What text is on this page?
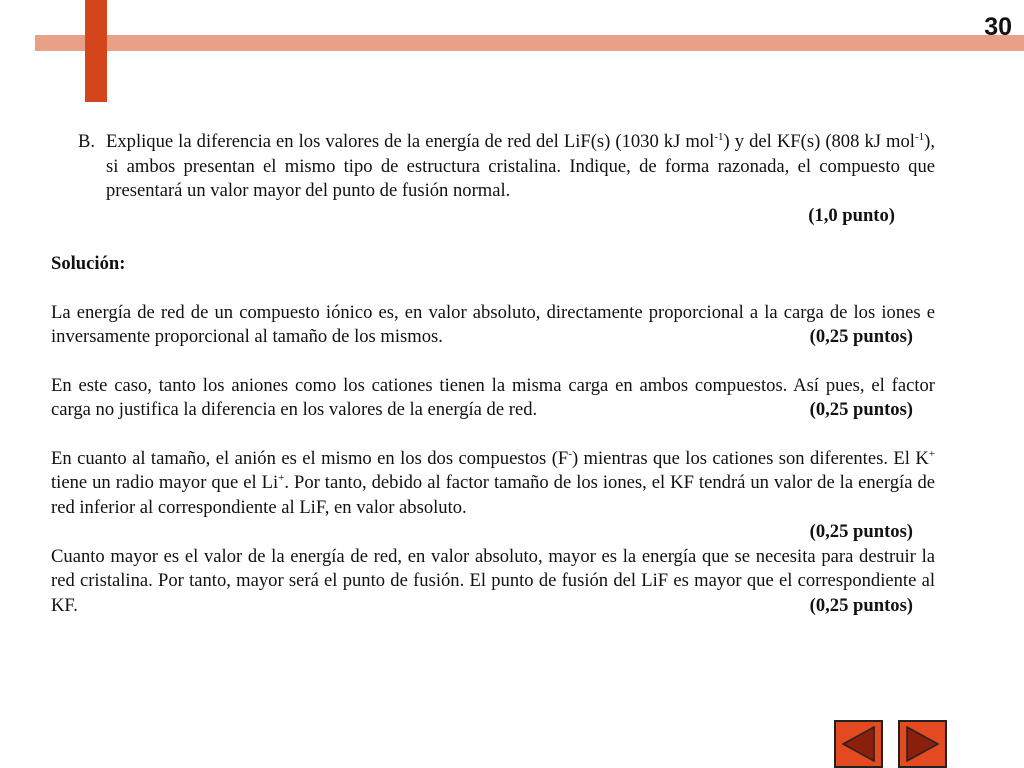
30
B. Explique la diferencia en los valores de la energía de red del LiF(s) (1030 kJ mol$^{-1}$) y del KF(s) (808 kJ mol$^{-1}$), si ambos presentan el mismo tipo de estructura cristalina. Indique, de forma razonada, el compuesto que presentará un valor mayor del punto de fusión normal.

(1,0 punto)
Solución:

La energía de red de un compuesto iónico es, en valor absoluto, directamente proporcional a la carga de los iones e inversamente proporcional al tamaño de los mismos.	(0,25 puntos)

En este caso, tanto los aniones como los cationes tienen la misma carga en ambos compuestos. Así pues, el factor carga no justifica la diferencia en los valores de la energía de red.	(0,25 puntos)

En cuanto al tamaño, el anión es el mismo en los dos compuestos (F-) mientras que los cationes son diferentes. El K+ tiene un radio mayor que el Li+. Por tanto, debido al factor tamaño de los iones, el KF tendrá un valor de la energía de red inferior al correspondiente al LiF, en valor absoluto.

(0,25 puntos)

Cuanto mayor es el valor de la energía de red, en valor absoluto, mayor es la energía que se necesita para destruir la red cristalina. Por tanto, mayor será el punto de fusión. El punto de fusión del LiF es mayor que el correspondiente al KF.	(0,25 puntos)
